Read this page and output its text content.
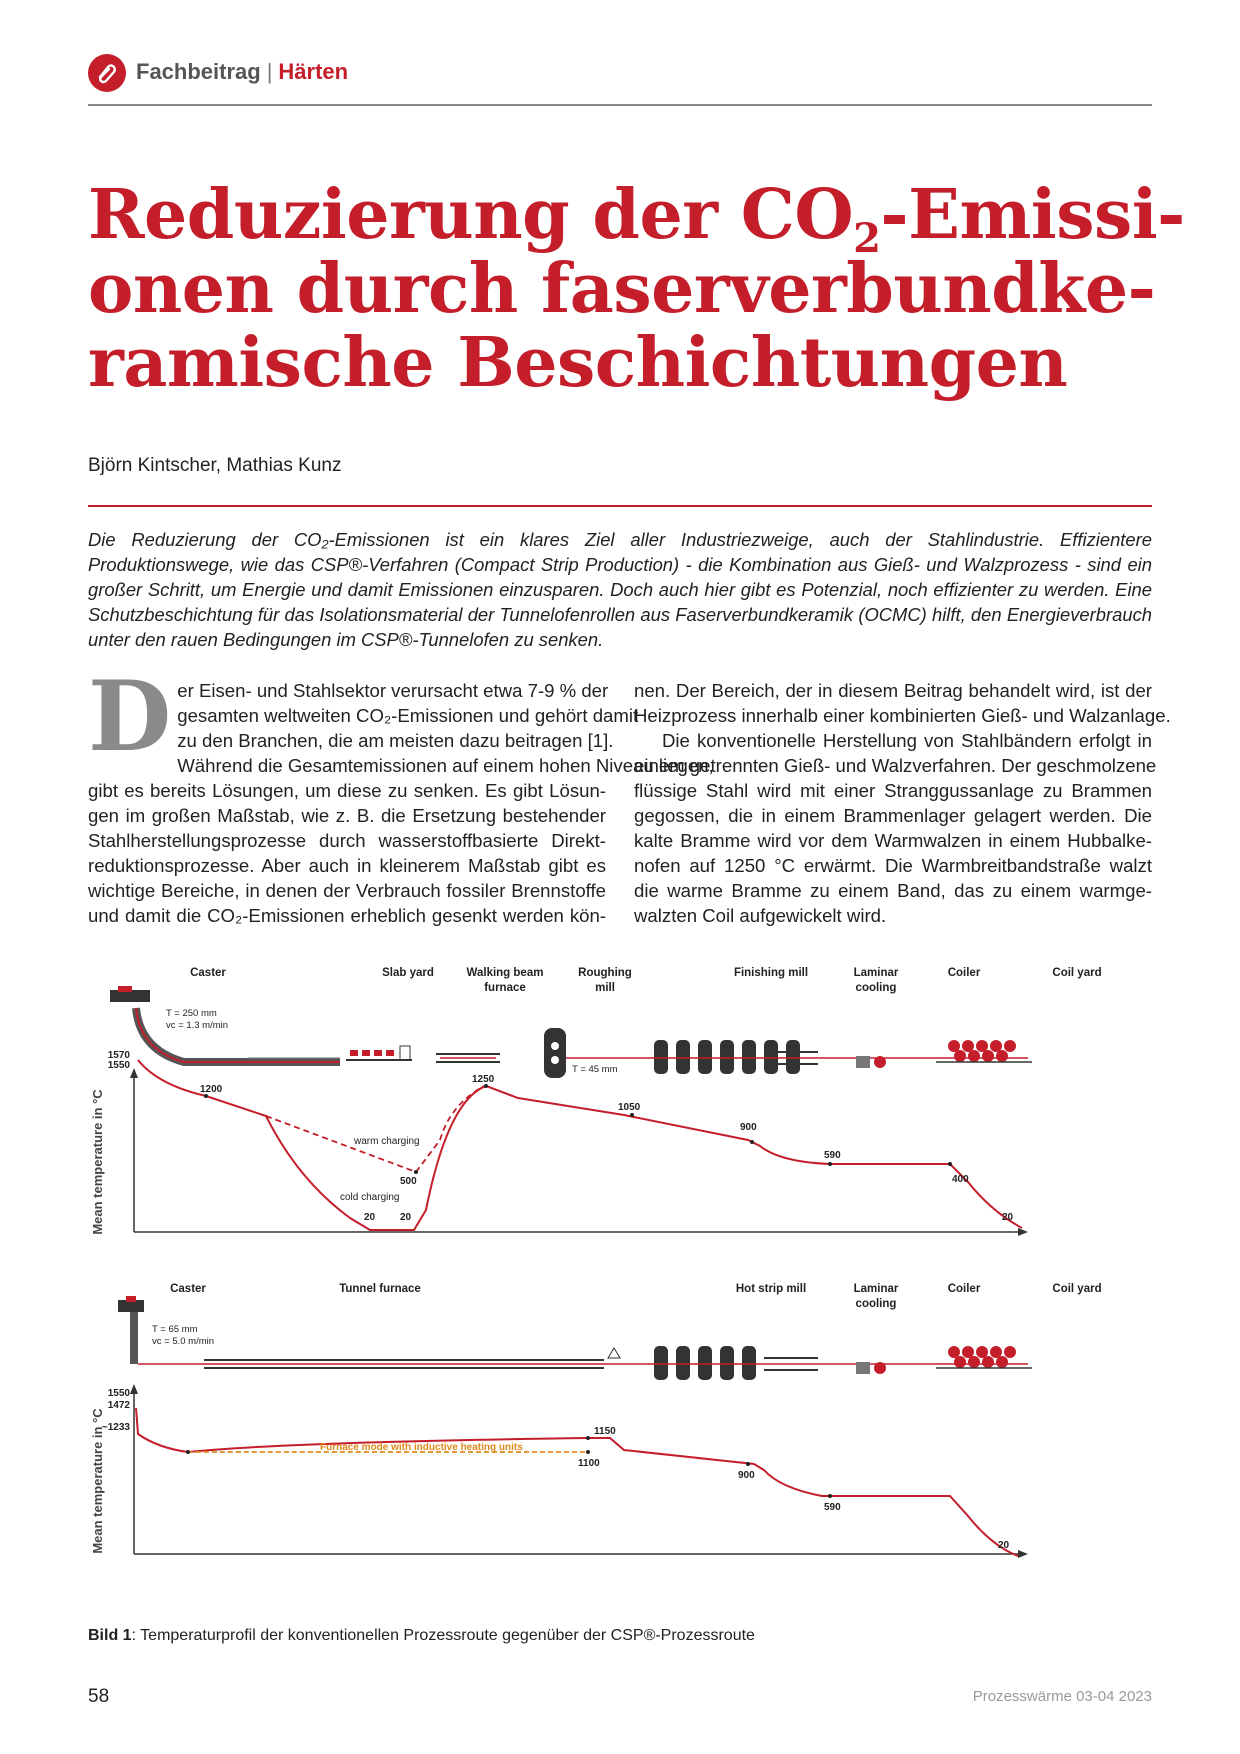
Fachbeitrag | Härten
Reduzierung der $CO_2-Emissi-$
onen durch faserverbundke-
ramische Beschichtungen
Björn Kintscher, Mathias Kunz
Die Reduzierung der CO₂-Emissionen ist ein klares Ziel aller Industriezweige, auch der Stahlindustrie. Effizientere Produktionswege, wie das CSP®-Verfahren (Compact Strip Production) - die Kombination aus Gieß- und Walzprozess - sind ein großer Schritt, um Energie und damit Emissionen einzusparen. Doch auch hier gibt es Potenzial, noch effizienter zu werden. Eine Schutzbeschichtung für das Isolationsmaterial der Tunnelofenrollen aus Faserverbundkeramik (OCMC) hilft, den Energieverbrauch unter den rauen Bedingungen im CSP®-Tunnelofen zu senken.
D er Eisen- und Stahlsektor verursacht etwa 7-9 % der
gesamten weltweiten CO₂-Emissionen und gehört damit
zu den Branchen, die am meisten dazu beitragen [1].
Während die Gesamtemissionen auf einem hohen Niveau liegen,
gibt es bereits Lösungen, um diese zu senken. Es gibt Lösun-
gen im großen Maßstab, wie z. B. die Ersetzung bestehender
Stahlherstellungsprozesse durch wasserstoffbasierte Direkt-
reduktionsprozesse. Aber auch in kleinerem Maßstab gibt es
wichtige Bereiche, in denen der Verbrauch fossiler Brennstoffe
und damit die CO₂-Emissionen erheblich gesenkt werden kön-
nen. Der Bereich, der in diesem Beitrag behandelt wird, ist der
Heizprozess innerhalb einer kombinierten Gieß- und Walzanlage.
Die konventionelle Herstellung von Stahlbändern erfolgt in
einem getrennten Gieß- und Walzverfahren. Der geschmolzene
flüssige Stahl wird mit einer Stranggussanlage zu Brammen
gegossen, die in einem Brammenlager gelagert werden. Die
kalte Bramme wird vor dem Warmwalzen in einem Hubbalke-
nofen auf 1250 °C erwärmt. Die Warmbreitbandstraße walzt
die warme Bramme zu einem Band, das zu einem warmge-
walzten Coil aufgewickelt wird.
Caster	Slab yard	Walking beam furnace
Roughing mill
Finishing mill	Laminar cooling
Coiler	Coil yard
T = 250 mm
vc = 1.3 m/min
T = 45 mm
Mean temperature in °C
1570
1550
1200
warm charging
500
cold charging
20 20
1250
1050
900
590
400
20
Caster	Tunnel furnace	Hot strip mill	Laminar cooling
Coiler	Coil yard
T = 65 mm
vc = 5.0 m/min
Mean temperature in °C
1550
1472
~1233
Furnace mode with inductive heating units
1150
1100
900
590
20
Bild 1: Temperaturprofil der konventionellen Prozessroute gegenüber der CSP®-Prozessroute
58	Prozesswärme 03-04 2023
